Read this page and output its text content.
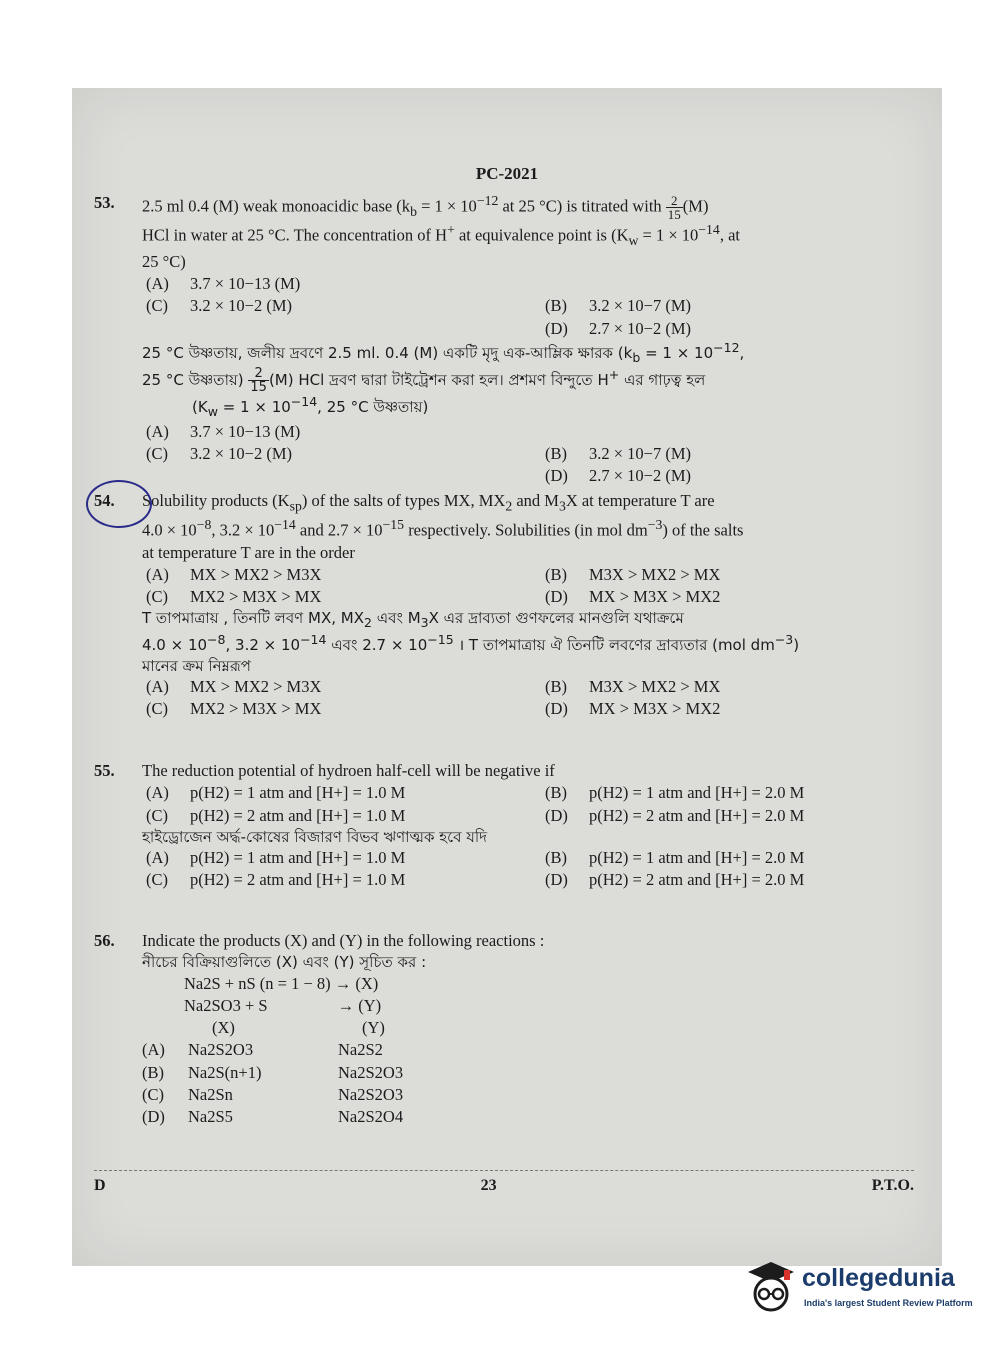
PC-2021
53. 2.5 ml 0.4 (M) weak monoacidic base ($k_b = 1 \times 10^{-12}$ at 25 °C) is titrated with $\frac{2}{15} (M)$
HCl in water at 25 °C. The concentration of H+ at equivalence point is ($K_w = 1 \times 10^{-14}$, at
25 °C)
(A) 3.7 × 10−13 (M)
(C) 3.2 × 10−2 (M)	(B) 3.2 × 10−7 (M)
(D) 2.7 × 10−2 (M)
25 °C উষ্ণতায়, জলীয় দ্রবণে 2.5 ml. 0.4 (M) একটি মৃদু এক-আম্লিক ক্ষারক ($k_b = 1 \times 10^{-12}$,
25 °C উষ্ণতায়) $\frac{2}{15} (M)$ HCl দ্রবণ দ্বারা টাইট্রেশন করা হল। প্রশমণ বিন্দুতে H+ এর গাঢ়ত্ব হল
($K_w = 1 \times 10^{-14}$, 25 °C উষ্ণতায়)
(A) 3.7 × 10−13 (M)
(C) 3.2 × 10−2 (M)	(B) 3.2 × 10−7 (M)
(D) 2.7 × 10−2 (M)
54. Solubility products $(K_{sp})$ of the salts of types MX, $MX_2$ and $M_3X$ at temperature T are
$4.0 \times 10^{-8}$, $3.2 \times 10^{-14}$ and $2.7 \times 10^{-15}$ respectively. Solubilities (in mol $dm^{-3}$) of the salts
at temperature T are in the order
(A) MX > MX2 > M3X	(B) M3X > MX2 > MX
(C) MX2 > M3X > MX	(D) MX > M3X > MX2
T তাপমাত্রায় , তিনটি লবণ MX, $MX_2$ এবং $M_3X$ এর দ্রাব্যতা গুণফলের মানগুলি যথাক্রমে
$4.0 \times 10^{-8}$, $3.2 \times 10^{-14}$ এবং $2.7 \times 10^{-15}$ । T তাপমাত্রায় ঐ তিনটি লবণের দ্রাব্যতার (mol $dm^{-3}$)
মানের ক্রম নিম্নরূপ
(A) MX > MX2 > M3X	(B) M3X > MX2 > MX
(C) MX2 > M3X > MX	(D) MX > M3X > MX2
55. The reduction potential of hydroen half-cell will be negative if
(A) p(H2) = 1 atm and [H+] = 1.0 M	(B) p(H2) = 1 atm and [H+] = 2.0 M
(C) p(H2) = 2 atm and [H+] = 1.0 M	(D) p(H2) = 2 atm and [H+] = 2.0 M
হাইড্রোজেন অর্দ্ধ-কোষের বিজারণ বিভব ঋণাত্মক হবে যদি
(A) p(H2) = 1 atm and [H+] = 1.0 M	(B) p(H2) = 1 atm and [H+] = 2.0 M
(C) p(H2) = 2 atm and [H+] = 1.0 M	(D) p(H2) = 2 atm and [H+] = 2.0 M
56. Indicate the products (X) and (Y) in the following reactions :
নীচের বিক্রিয়াগুলিতে (X) এবং (Y) সূচিত কর :
Na2S + nS (n = 1 − 8) → (X)
Na2SO3 + S	→ (Y)
(X)	(Y)
(A) Na2S2O3	Na2S2
(B) Na2S(n+1)	Na2S2O3
(C) Na2Sn	Na2S2O3
(D) Na2S5	Na2S2O4
D	23	P.T.O.
collegedunia
India's largest Student Review Platform
